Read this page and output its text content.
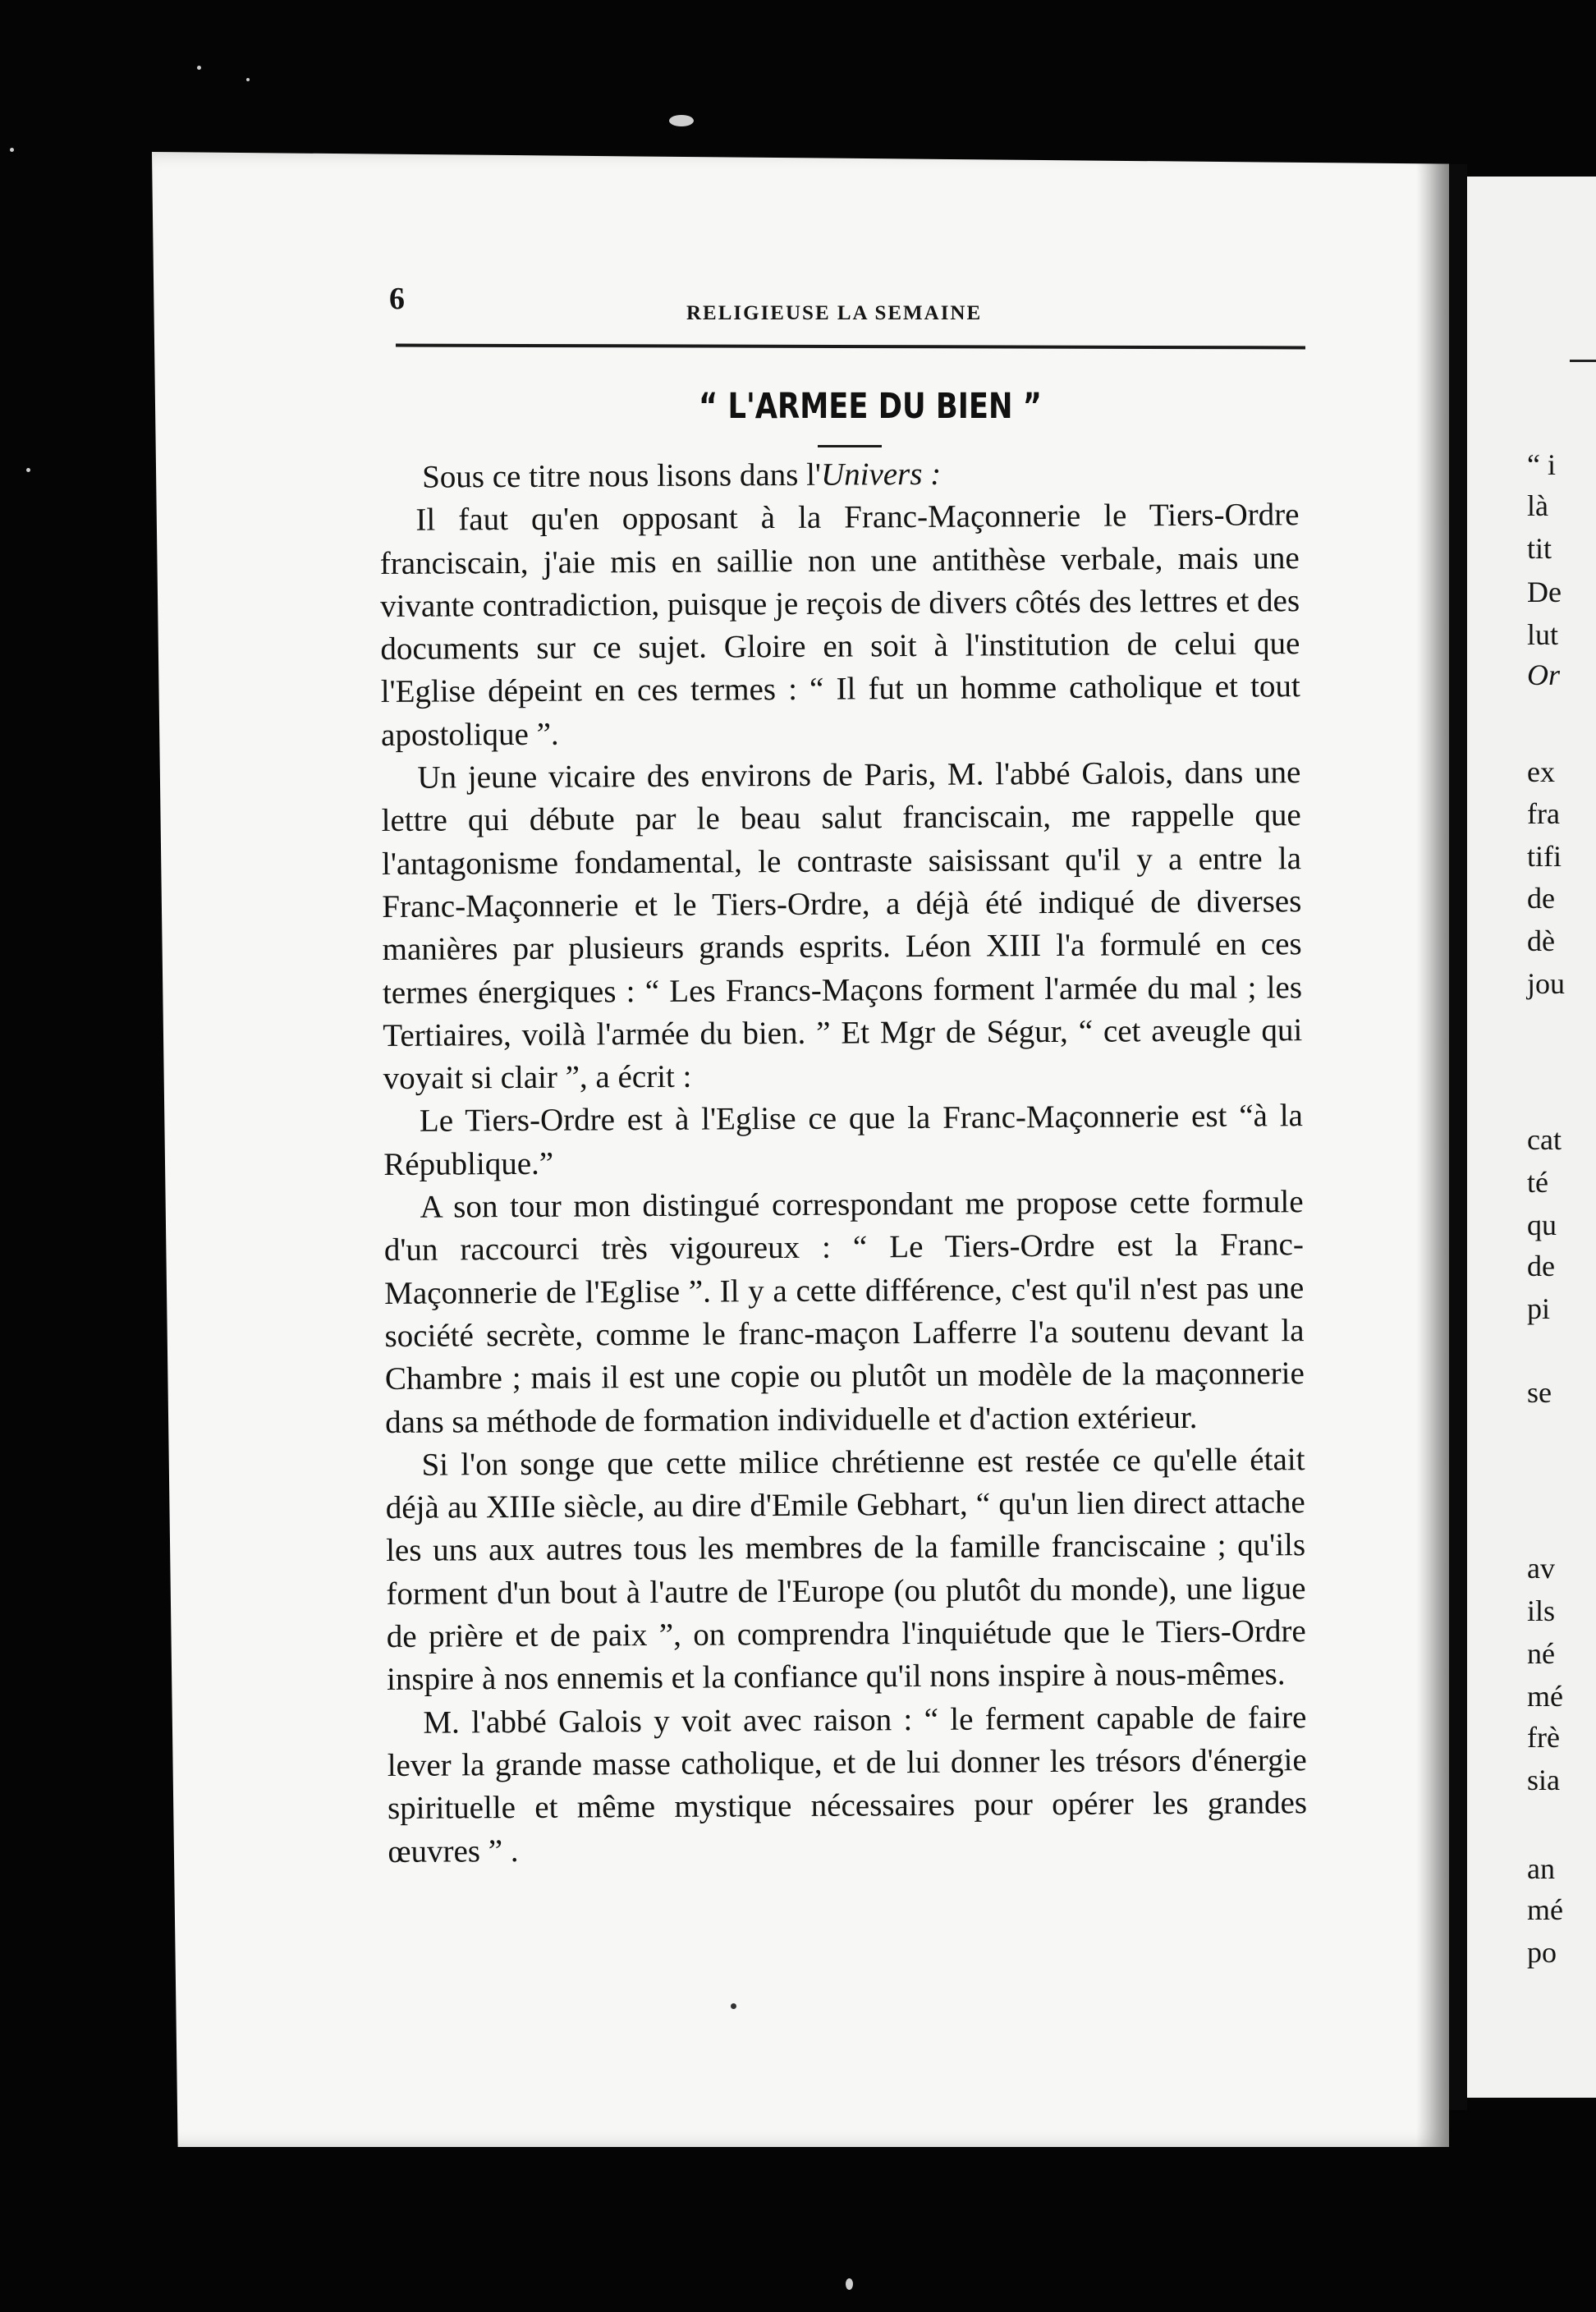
“ i
là
tit
De
lut
Or
ex
fra
tifi
de
dè
jou
cat
té
qu
de
pi
se
av
ils
né
mé
frè
sia
an
mé
po
6	RELIGIEUSE LA SEMAINE
“ L'ARMEE DU BIEN ”

Sous ce titre nous lisons dans l'Univers :

Il faut qu'en opposant à la Franc-Maçonnerie le Tiers-Ordre franciscain, j'aie mis en saillie non une antithèse verbale, mais une vivante contradiction, puisque je reçois de divers côtés des lettres et des documents sur ce sujet. Gloire en soit à l'institution de celui que l'Eglise dépeint en ces termes : “ Il fut un homme catholique et tout apostolique ”.

Un jeune vicaire des environs de Paris, M. l'abbé Galois, dans une lettre qui débute par le beau salut franciscain, me rappelle que l'antagonisme fondamental, le contraste saisissant qu'il y a entre la Franc-Maçonnerie et le Tiers-Ordre, a déjà été indiqué de diverses manières par plusieurs grands esprits. Léon XIII l'a formulé en ces termes énergiques : “ Les Francs-Maçons forment l'armée du mal ; les Tertiaires, voilà l'armée du bien. ” Et Mgr de Ségur, “ cet aveugle qui voyait si clair ”, a écrit :

Le Tiers-Ordre est à l'Eglise ce que la Franc-Maçonnerie est “à la République.”

A son tour mon distingué correspondant me propose cette formule d'un raccourci très vigoureux : “ Le Tiers-Ordre est la Franc-Maçonnerie de l'Eglise ”. Il y a cette différence, c'est qu'il n'est pas une société secrète, comme le franc-maçon Lafferre l'a soutenu devant la Chambre ; mais il est une copie ou plutôt un modèle de la maçonnerie dans sa méthode de formation individuelle et d'action extérieur.

Si l'on songe que cette milice chrétienne est restée ce qu'elle était déjà au XIIIe siècle, au dire d'Emile Gebhart, “ qu'un lien direct attache les uns aux autres tous les membres de la famille franciscaine ; qu'ils forment d'un bout à l'autre de l'Europe (ou plutôt du monde), une ligue de prière et de paix ”, on comprendra l'inquiétude que le Tiers-Ordre inspire à nos ennemis et la confiance qu'il nons inspire à nous-mêmes.

M. l'abbé Galois y voit avec raison : “ le ferment capable de faire lever la grande masse catholique, et de lui donner les trésors d'énergie spirituelle et même mystique nécessaires pour opérer les grandes œuvres ” .
